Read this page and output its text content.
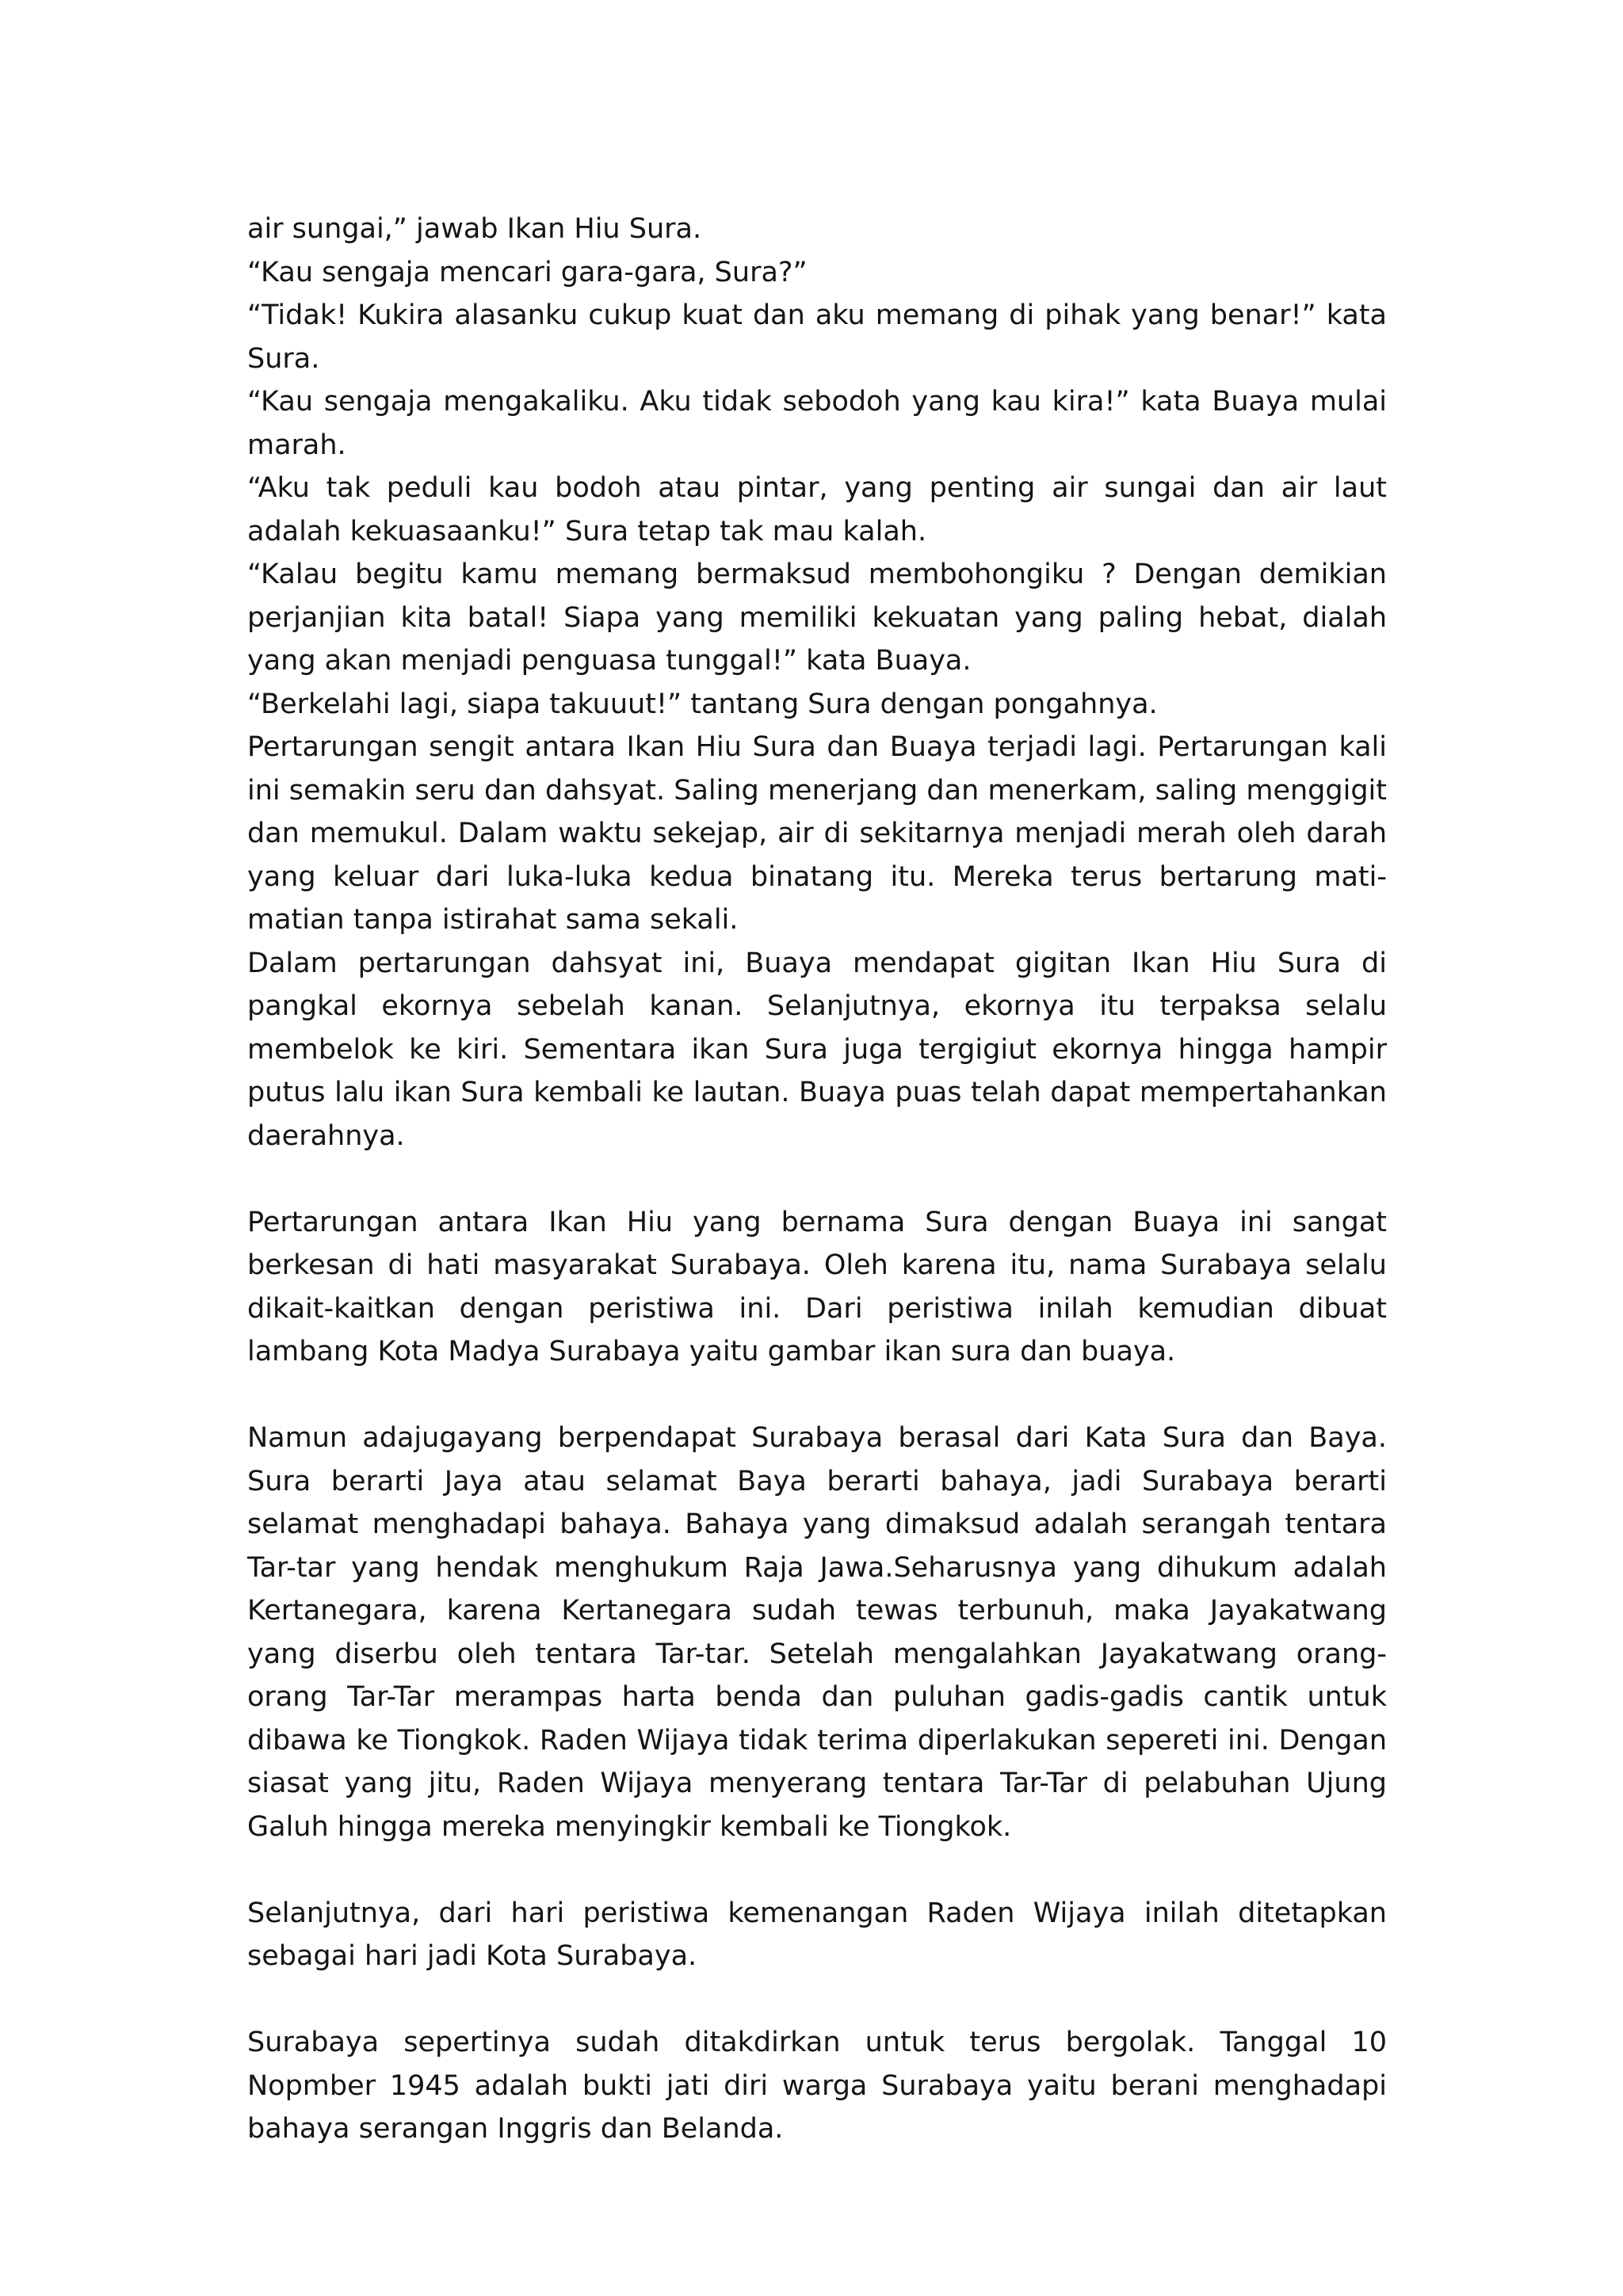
air sungai,” jawab Ikan Hiu Sura.

“Kau sengaja mencari gara-gara, Sura?”

“Tidak! Kukira alasanku cukup kuat dan aku memang di pihak yang benar!” kata Sura.

“Kau sengaja mengakaliku. Aku tidak sebodoh yang kau kira!” kata Buaya mulai marah.

“Aku tak peduli kau bodoh atau pintar, yang penting air sungai dan air laut adalah kekuasaanku!” Sura tetap tak mau kalah.

“Kalau begitu kamu memang bermaksud membohongiku ? Dengan demikian perjanjian kita batal! Siapa yang memiliki kekuatan yang paling hebat, dialah yang akan menjadi penguasa tunggal!” kata Buaya.

“Berkelahi lagi, siapa takuuut!” tantang Sura dengan pongahnya.

Pertarungan sengit antara Ikan Hiu Sura dan Buaya terjadi lagi. Pertarungan kali ini semakin seru dan dahsyat. Saling menerjang dan menerkam, saling menggigit dan memukul. Dalam waktu sekejap, air di sekitarnya menjadi merah oleh darah yang keluar dari luka-luka kedua binatang itu. Mereka terus bertarung mati-matian tanpa istirahat sama sekali.

Dalam pertarungan dahsyat ini, Buaya mendapat gigitan Ikan Hiu Sura di pangkal ekornya sebelah kanan. Selanjutnya, ekornya itu terpaksa selalu membelok ke kiri. Sementara ikan Sura juga tergigiut ekornya hingga hampir putus lalu ikan Sura kembali ke lautan. Buaya puas telah dapat mempertahankan daerahnya.

Pertarungan antara Ikan Hiu yang bernama Sura dengan Buaya ini sangat berkesan di hati masyarakat Surabaya. Oleh karena itu, nama Surabaya selalu dikait-kaitkan dengan peristiwa ini. Dari peristiwa inilah kemudian dibuat lambang Kota Madya Surabaya yaitu gambar ikan sura dan buaya.

Namun adajugayang berpendapat Surabaya berasal dari Kata Sura dan Baya. Sura berarti Jaya atau selamat Baya berarti bahaya, jadi Surabaya berarti selamat menghadapi bahaya. Bahaya yang dimaksud adalah serangah tentara Tar-tar yang hendak menghukum Raja Jawa.Seharusnya yang dihukum adalah Kertanegara, karena Kertanegara sudah tewas terbunuh, maka Jayakatwang yang diserbu oleh tentara Tar-tar. Setelah mengalahkan Jayakatwang orang-orang Tar-Tar merampas harta benda dan puluhan gadis-gadis cantik untuk dibawa ke Tiongkok. Raden Wijaya tidak terima diperlakukan sepereti ini. Dengan siasat yang jitu, Raden Wijaya menyerang tentara Tar-Tar di pelabuhan Ujung Galuh hingga mereka menyingkir kembali ke Tiongkok.

Selanjutnya, dari hari peristiwa kemenangan Raden Wijaya inilah ditetapkan sebagai hari jadi Kota Surabaya.

Surabaya sepertinya sudah ditakdirkan untuk terus bergolak. Tanggal 10 Nopmber 1945 adalah bukti jati diri warga Surabaya yaitu berani menghadapi bahaya serangan Inggris dan Belanda.
